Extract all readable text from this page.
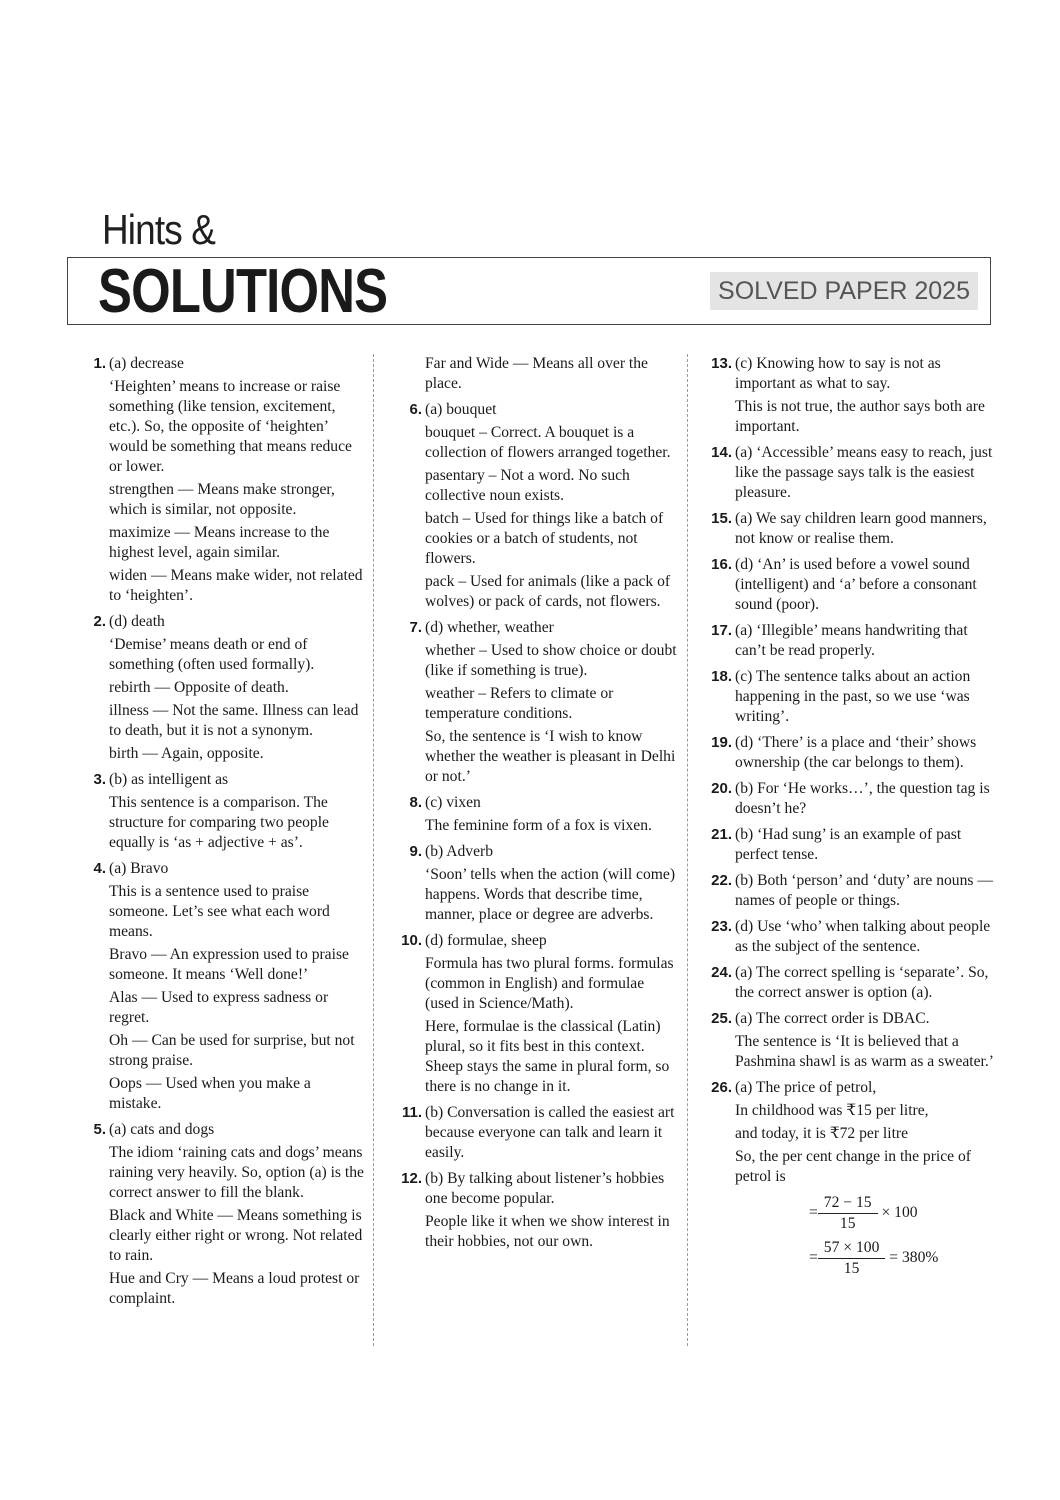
Hints &
SOLUTIONS	SOLVED PAPER 2025
1. (a) decrease
‘Heighten’ means to increase or raise something (like tension, excitement, etc.). So, the opposite of ‘heighten’ would be something that means reduce or lower.
strengthen — Means make stronger, which is similar, not opposite.
maximize — Means increase to the highest level, again similar.
widen — Means make wider, not related to ‘heighten’.
2. (d) death
‘Demise’ means death or end of something (often used formally).
rebirth — Opposite of death.
illness — Not the same. Illness can lead to death, but it is not a synonym.
birth — Again, opposite.
3. (b) as intelligent as
This sentence is a comparison. The structure for comparing two people equally is ‘as + adjective + as’.
4. (a) Bravo
This is a sentence used to praise someone. Let’s see what each word means.
Bravo — An expression used to praise someone. It means ‘Well done!’
Alas — Used to express sadness or regret.
Oh — Can be used for surprise, but not strong praise.
Oops — Used when you make a mistake.
5. (a) cats and dogs
The idiom ‘raining cats and dogs’ means raining very heavily. So, option (a) is the correct answer to fill the blank.
Black and White — Means something is clearly either right or wrong. Not related to rain.
Hue and Cry — Means a loud protest or complaint.
Far and Wide — Means all over the place.
6. (a) bouquet
bouquet – Correct. A bouquet is a collection of flowers arranged together.
pasentary – Not a word. No such collective noun exists.
batch – Used for things like a batch of cookies or a batch of students, not flowers.
pack – Used for animals (like a pack of wolves) or pack of cards, not flowers.
7. (d) whether, weather
whether – Used to show choice or doubt (like if something is true).
weather – Refers to climate or temperature conditions.
So, the sentence is ‘I wish to know whether the weather is pleasant in Delhi or not.’
8. (c) vixen
The feminine form of a fox is vixen.
9. (b) Adverb
‘Soon’ tells when the action (will come) happens. Words that describe time, manner, place or degree are adverbs.
10. (d) formulae, sheep
Formula has two plural forms. formulas (common in English) and formulae (used in Science/Math).
Here, formulae is the classical (Latin) plural, so it fits best in this context. Sheep stays the same in plural form, so there is no change in it.
11. (b) Conversation is called the easiest art because everyone can talk and learn it easily.
12. (b) By talking about listener’s hobbies one become popular.
People like it when we show interest in their hobbies, not our own.
13. (c) Knowing how to say is not as important as what to say.
This is not true, the author says both are important.
14. (a) ‘Accessible’ means easy to reach, just like the passage says talk is the easiest pleasure.
15. (a) We say children learn good manners, not know or realise them.
16. (d) ‘An’ is used before a vowel sound (intelligent) and ‘a’ before a consonant sound (poor).
17. (a) ‘Illegible’ means handwriting that can’t be read properly.
18. (c) The sentence talks about an action happening in the past, so we use ‘was writing’.
19. (d) ‘There’ is a place and ‘their’ shows ownership (the car belongs to them).
20. (b) For ‘He works…’, the question tag is doesn’t he?
21. (b) ‘Had sung’ is an example of past perfect tense.
22. (b) Both ‘person’ and ‘duty’ are nouns — names of people or things.
23. (d) Use ‘who’ when talking about people as the subject of the sentence.
24. (a) The correct spelling is ‘separate’. So, the correct answer is option (a).
25. (a) The correct order is DBAC.
The sentence is ‘It is believed that a Pashmina shawl is as warm as a sweater.’
26. (a) The price of petrol,
In childhood was ₹15 per litre,
and today, it is ₹72 per litre
So, the per cent change in the price of petrol is
= $\frac{72 - 15}{15} \times 100$
= $\frac{57 \times 100}{15} = 380\%$
